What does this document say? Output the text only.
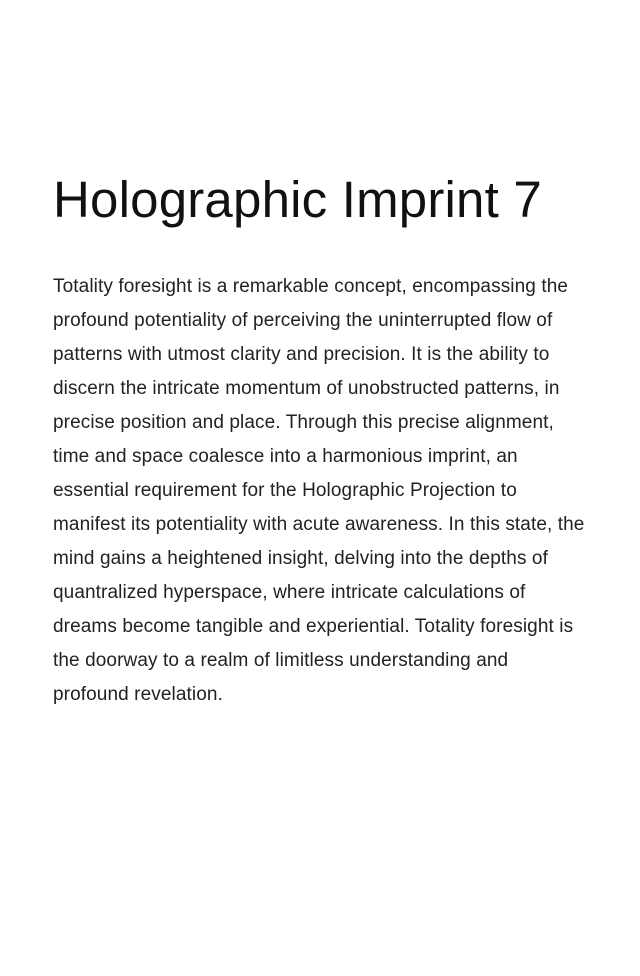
Holographic Imprint 7

Totality foresight is a remarkable concept, encompassing the profound potentiality of perceiving the uninterrupted flow of patterns with utmost clarity and precision. It is the ability to discern the intricate momentum of unobstructed patterns, in precise position and place. Through this precise alignment, time and space coalesce into a harmonious imprint, an essential requirement for the Holographic Projection to manifest its potentiality with acute awareness. In this state, the mind gains a heightened insight, delving into the depths of quantralized hyperspace, where intricate calculations of dreams become tangible and experiential. Totality foresight is the doorway to a realm of limitless understanding and profound revelation.
